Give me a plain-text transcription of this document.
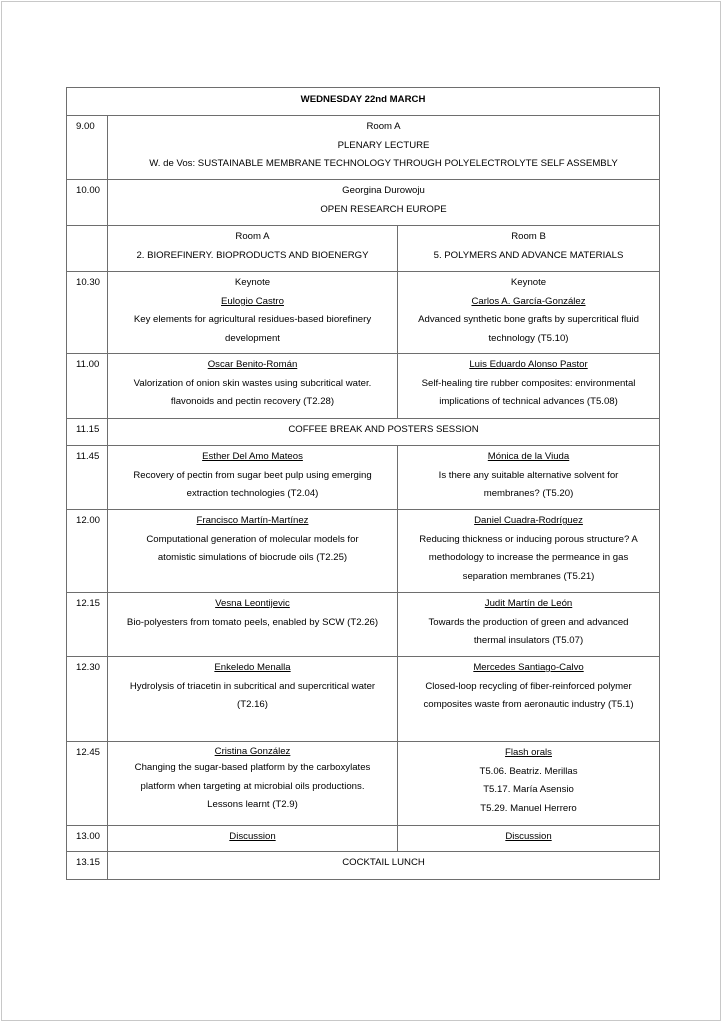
WEDNESDAY 22nd MARCH		
9.00	Room A
PLENARY LECTURE
W. de Vos: SUSTAINABLE MEMBRANE TECHNOLOGY THROUGH POLYELECTROLYTE SELF ASSEMBLY	

10.00	Georgina Durowoju
OPEN RESEARCH EUROPE	

	Room A
2. BIOREFINERY. BIOPRODUCTS AND BIOENERGY	Room B
5. POLYMERS AND ADVANCE MATERIALS

10.30	Keynote
Eulogio Castro
Key elements for agricultural residues-based biorefinery
development	Keynote
Carlos A. García-González
Advanced synthetic bone grafts by supercritical fluid
technology (T5.10)

11.00	Oscar Benito-Román
Valorization of onion skin wastes using subcritical water.
flavonoids and pectin recovery (T2.28)	Luis Eduardo Alonso Pastor
Self-healing tire rubber composites: environmental
implications of technical advances (T5.08)

11.15	COFFEE BREAK AND POSTERS SESSION	
11.45	Esther Del Amo Mateos
Recovery of pectin from sugar beet pulp using emerging
extraction technologies (T2.04)	Mónica de la Viuda
Is there any suitable alternative solvent for
membranes? (T5.20)

12.00	Francisco Martín-Martínez
Computational generation of molecular models for
atomistic simulations of biocrude oils (T2.25)	Daniel Cuadra-Rodríguez
Reducing thickness or inducing porous structure? A
methodology to increase the permeance in gas
separation membranes (T5.21)

12.15	Vesna Leontijevic
Bio-polyesters from tomato peels, enabled by SCW (T2.26)	Judit Martín de León
Towards the production of green and advanced
thermal insulators (T5.07)

12.30	Enkeledo Menalla
Hydrolysis of triacetin in subcritical and supercritical water
(T2.16)	Mercedes Santiago-Calvo
Closed-loop recycling of fiber-reinforced polymer
composites waste from aeronautic industry (T5.1)

12.45	Cristina González
Changing the sugar-based platform by the carboxylates
platform when targeting at microbial oils productions.
Lessons learnt (T2.9)	Flash orals
T5.06. Beatriz. Merillas
T5.17. María Asensio
T5.29. Manuel Herrero

13.00	Discussion	Discussion

13.15	COCKTAIL LUNCH	
